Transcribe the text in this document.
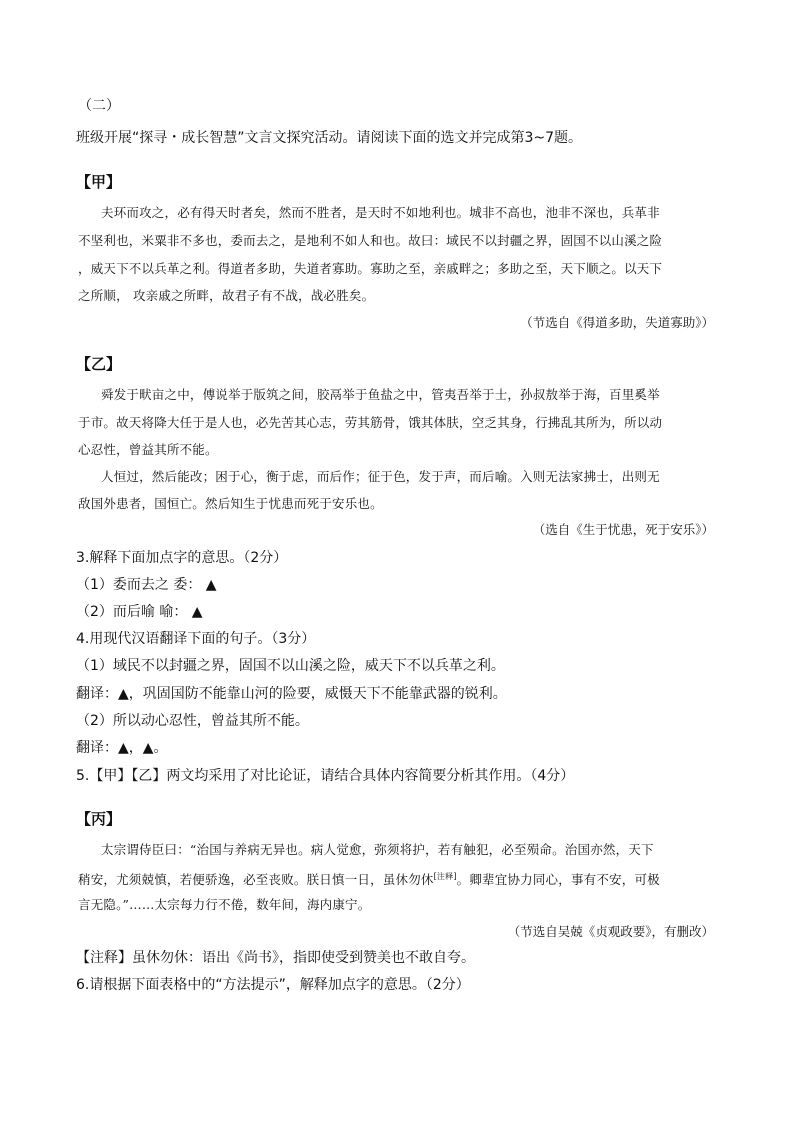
（二）
班级开展“探寻・成长智慧”文言文探究活动。请阅读下面的选文并完成第3~7题。
【甲】
夫环而攻之，必有得天时者矣，然而不胜者，是天时不如地利也。城非不高也，池非不深也，兵革非
不坚利也，米粟非不多也，委而去之，是地利不如人和也。故曰：域民不以封疆之界，固国不以山溪之险
，威天下不以兵革之利。得道者多助，失道者寡助。寡助之至，亲戚畔之；多助之至，天下顺之。以天下
之所顺， 攻亲戚之所畔，故君子有不战，战必胜矣。
（节选自《得道多助，失道寡助》）
【乙】
舜发于畎亩之中，傅说举于版筑之间，胶鬲举于鱼盐之中，管夷吾举于士，孙叔敖举于海，百里奚举
于市。故天将降大任于是人也，必先苦其心志，劳其筋骨，饿其体肤，空乏其身，行拂乱其所为，所以动
心忍性，曾益其所不能。
人恒过，然后能改；困于心，衡于虑，而后作；征于色，发于声，而后喻。入则无法家拂士，出则无
敌国外患者，国恒亡。然后知生于忧患而死于安乐也。
（选自《生于忧患，死于安乐》）
3.解释下面加点字的意思。（2分）
（1）委而去之 委： ▲
（2）而后喻 喻： ▲
4.用现代汉语翻译下面的句子。（3分）
（1）域民不以封疆之界，固国不以山溪之险，威天下不以兵革之利。
翻译：▲，巩固国防不能靠山河的险要，威慑天下不能靠武器的锐利。
（2）所以动心忍性，曾益其所不能。
翻译：▲，▲。
5.【甲】【乙】两文均采用了对比论证，请结合具体内容简要分析其作用。（4分）
【丙】
太宗谓侍臣曰：“治国与养病无异也。病人觉愈，弥须将护，若有触犯，必至殒命。治国亦然，天下
稍安，尤须兢慎，若便骄逸，必至丧败。朕日慎一日，虽休勿休[注释]。卿辈宜协力同心，事有不安，可极
言无隐。”……太宗每力行不倦，数年间，海内康宁。
（节选自吴兢《贞观政要》，有删改）
【注释】虽休勿休：语出《尚书》，指即使受到赞美也不敢自夸。
6.请根据下面表格中的“方法提示”，解释加点字的意思。（2分）
